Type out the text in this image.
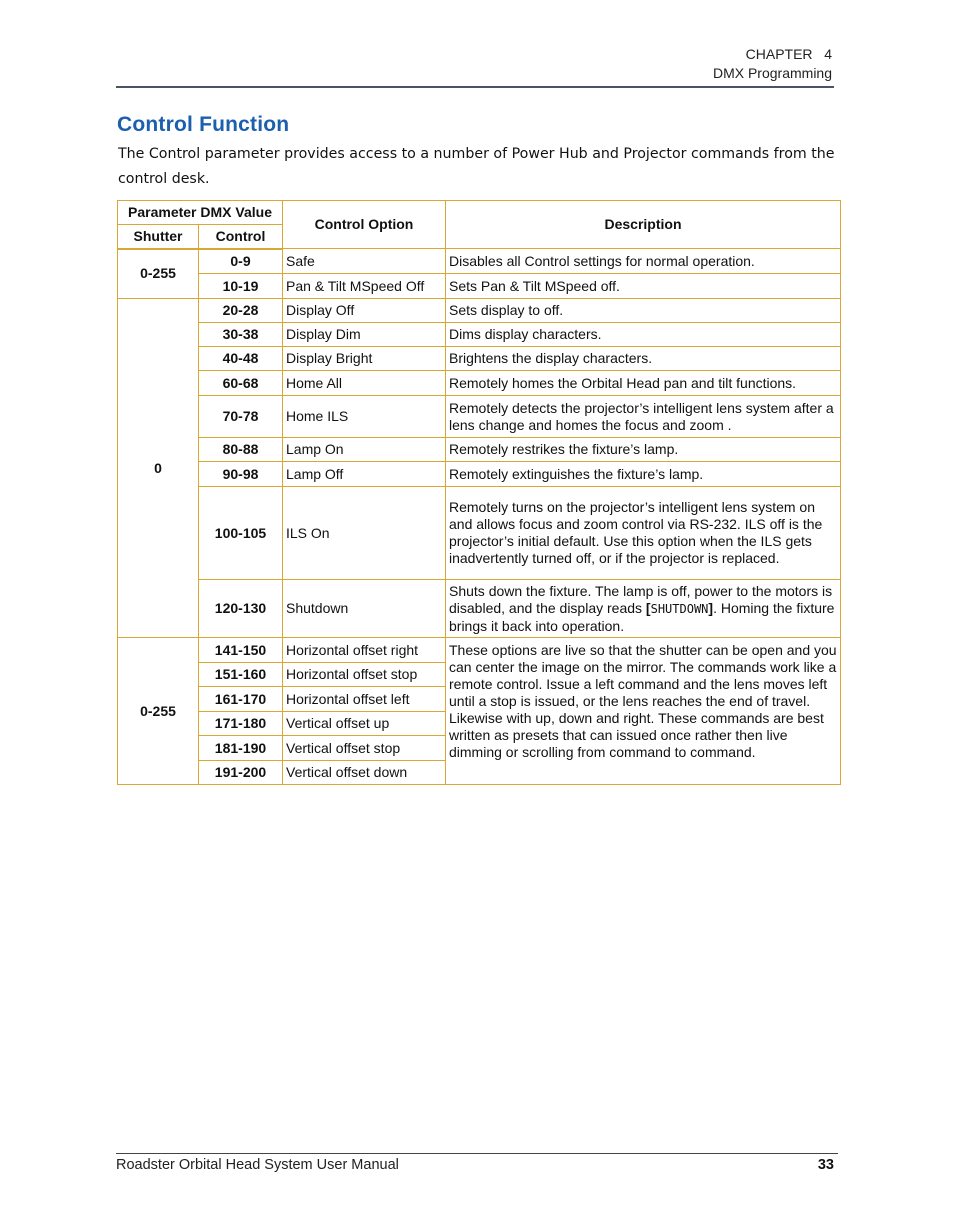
CHAPTER   4
DMX Programming
Control Function
The Control parameter provides access to a number of Power Hub and Projector commands from the control desk.
Parameter DMX Value		Control Option	Description
Shutter	Control		
0-255	0-9	Safe	Disables all Control settings for normal operation.
	10-19	Pan & Tilt MSpeed Off	Sets Pan & Tilt MSpeed off.
0	20-28	Display Off	Sets display to off.
	30-38	Display Dim	Dims display characters.
	40-48	Display Bright	Brightens the display characters.
	60-68	Home All	Remotely homes the Orbital Head pan and tilt functions.
	70-78	Home ILS	Remotely detects the projector’s intelligent lens system after a lens change and homes the focus and zoom .
	80-88	Lamp On	Remotely restrikes the fixture’s lamp.
	90-98	Lamp Off	Remotely extinguishes the fixture’s lamp.
	100-105	ILS On	Remotely turns on the projector’s intelligent lens system on and allows focus and zoom control via RS-232. ILS off is the projector’s initial default. Use this option when the ILS gets inadvertently turned off, or if the projector is replaced.
	120-130	Shutdown	Shuts down the fixture. The lamp is off, power to the motors is disabled, and the display reads [SHUTDOWN]. Homing the fixture brings it back into operation.
0-255	141-150	Horizontal offset right	These options are live so that the shutter can be open and you can center the image on the mirror. The commands work like a remote control. Issue a left command and the lens moves left until a stop is issued, or the lens reaches the end of travel. Likewise with up, down and right. These commands are best written as presets that can issued once rather then live dimming or scrolling from command to command.
	151-160	Horizontal offset stop	
	161-170	Horizontal offset left	
	171-180	Vertical offset up	
	181-190	Vertical offset stop	
	191-200	Vertical offset down	
Roadster Orbital Head System User Manual	33
